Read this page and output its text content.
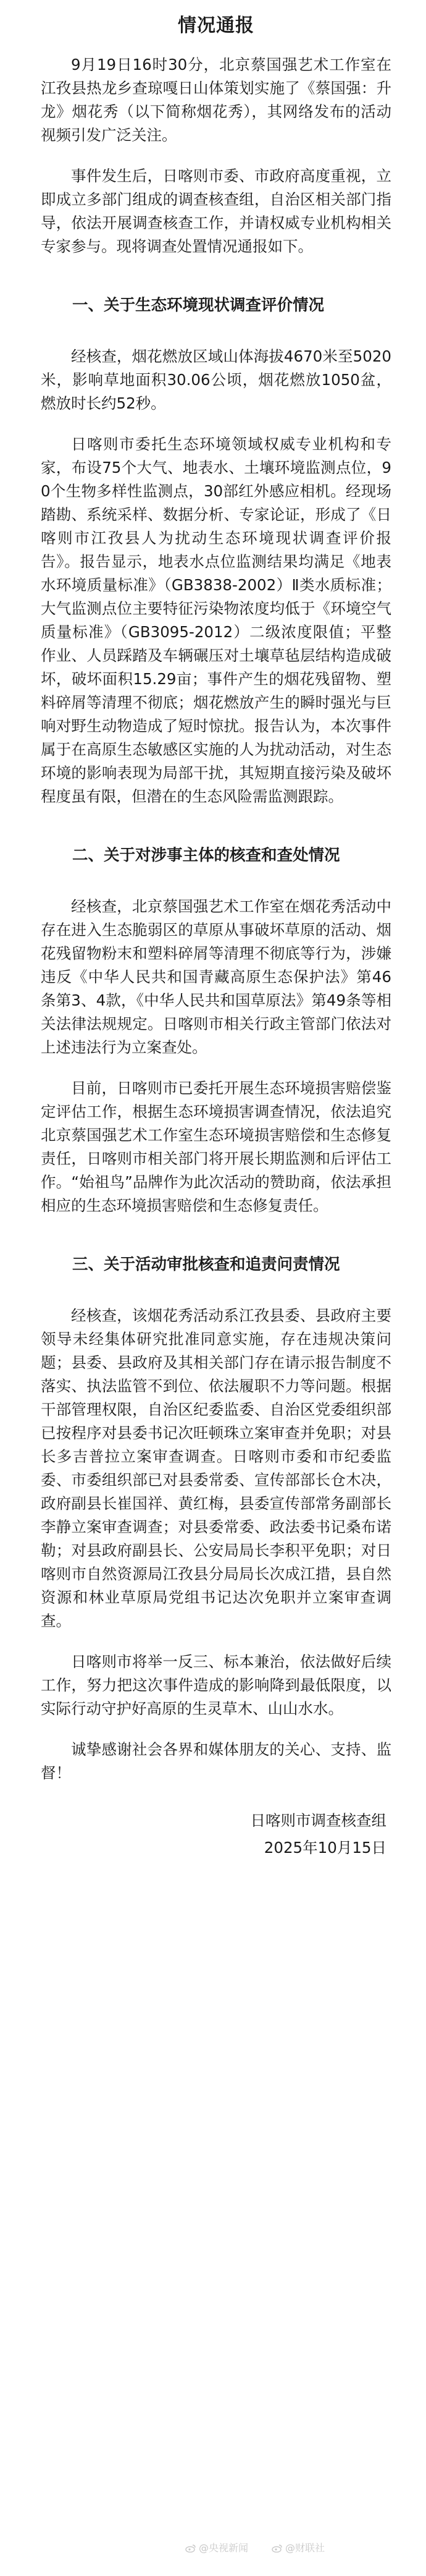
情况通报

9月19日16时30分，北京蔡国强艺术工作室在江孜县热龙乡查琼嘎日山体策划实施了《蔡国强：升龙》烟花秀（以下简称烟花秀），其网络发布的活动视频引发广泛关注。

事件发生后，日喀则市委、市政府高度重视，立即成立多部门组成的调查核查组，自治区相关部门指导，依法开展调查核查工作，并请权威专业机构相关专家参与。现将调查处置情况通报如下。

一、关于生态环境现状调查评价情况

经核查，烟花燃放区域山体海拔4670米至5020米，影响草地面积30.06公顷，烟花燃放1050盆，燃放时长约52秒。

日喀则市委托生态环境领域权威专业机构和专家，布设75个大气、地表水、土壤环境监测点位，90个生物多样性监测点，30部红外感应相机。经现场踏勘、系统采样、数据分析、专家论证，形成了《日喀则市江孜县人为扰动生态环境现状调查评价报告》。报告显示，地表水点位监测结果均满足《地表水环境质量标准》（GB3838-2002）Ⅱ类水质标准；大气监测点位主要特征污染物浓度均低于《环境空气质量标准》（GB3095-2012）二级浓度限值；平整作业、人员踩踏及车辆碾压对土壤草毡层结构造成破坏，破坏面积15.29亩；事件产生的烟花残留物、塑料碎屑等清理不彻底；烟花燃放产生的瞬时强光与巨响对野生动物造成了短时惊扰。报告认为，本次事件属于在高原生态敏感区实施的人为扰动活动，对生态环境的影响表现为局部干扰，其短期直接污染及破坏程度虽有限，但潜在的生态风险需监测跟踪。

二、关于对涉事主体的核查和查处情况

经核查，北京蔡国强艺术工作室在烟花秀活动中存在进入生态脆弱区的草原从事破坏草原的活动、烟花残留物粉末和塑料碎屑等清理不彻底等行为，涉嫌违反《中华人民共和国青藏高原生态保护法》第46条第3、4款，《中华人民共和国草原法》第49条等相关法律法规规定。日喀则市相关行政主管部门依法对上述违法行为立案查处。

目前，日喀则市已委托开展生态环境损害赔偿鉴定评估工作，根据生态环境损害调查情况，依法追究北京蔡国强艺术工作室生态环境损害赔偿和生态修复责任，日喀则市相关部门将开展长期监测和后评估工作。“始祖鸟”品牌作为此次活动的赞助商，依法承担相应的生态环境损害赔偿和生态修复责任。

三、关于活动审批核查和追责问责情况

经核查，该烟花秀活动系江孜县委、县政府主要领导未经集体研究批准同意实施，存在违规决策问题；县委、县政府及其相关部门存在请示报告制度不落实、执法监管不到位、依法履职不力等问题。根据干部管理权限，自治区纪委监委、自治区党委组织部已按程序对县委书记次旺顿珠立案审查并免职；对县长多吉普拉立案审查调查。日喀则市委和市纪委监委、市委组织部已对县委常委、宣传部部长仓木决，政府副县长崔国祥、黄红梅，县委宣传部常务副部长李静立案审查调查；对县委常委、政法委书记桑布诺勒；对县政府副县长、公安局局长李积平免职；对日喀则市自然资源局江孜县分局局长次成江措，县自然资源和林业草原局党组书记达次免职并立案审查调查。

日喀则市将举一反三、标本兼治，依法做好后续工作，努力把这次事件造成的影响降到最低限度，以实际行动守护好高原的生灵草木、山山水水。

诚挚感谢社会各界和媒体朋友的关心、支持、监督！

日喀则市调查核查组
2025年10月15日
@央视新闻	@财联社
